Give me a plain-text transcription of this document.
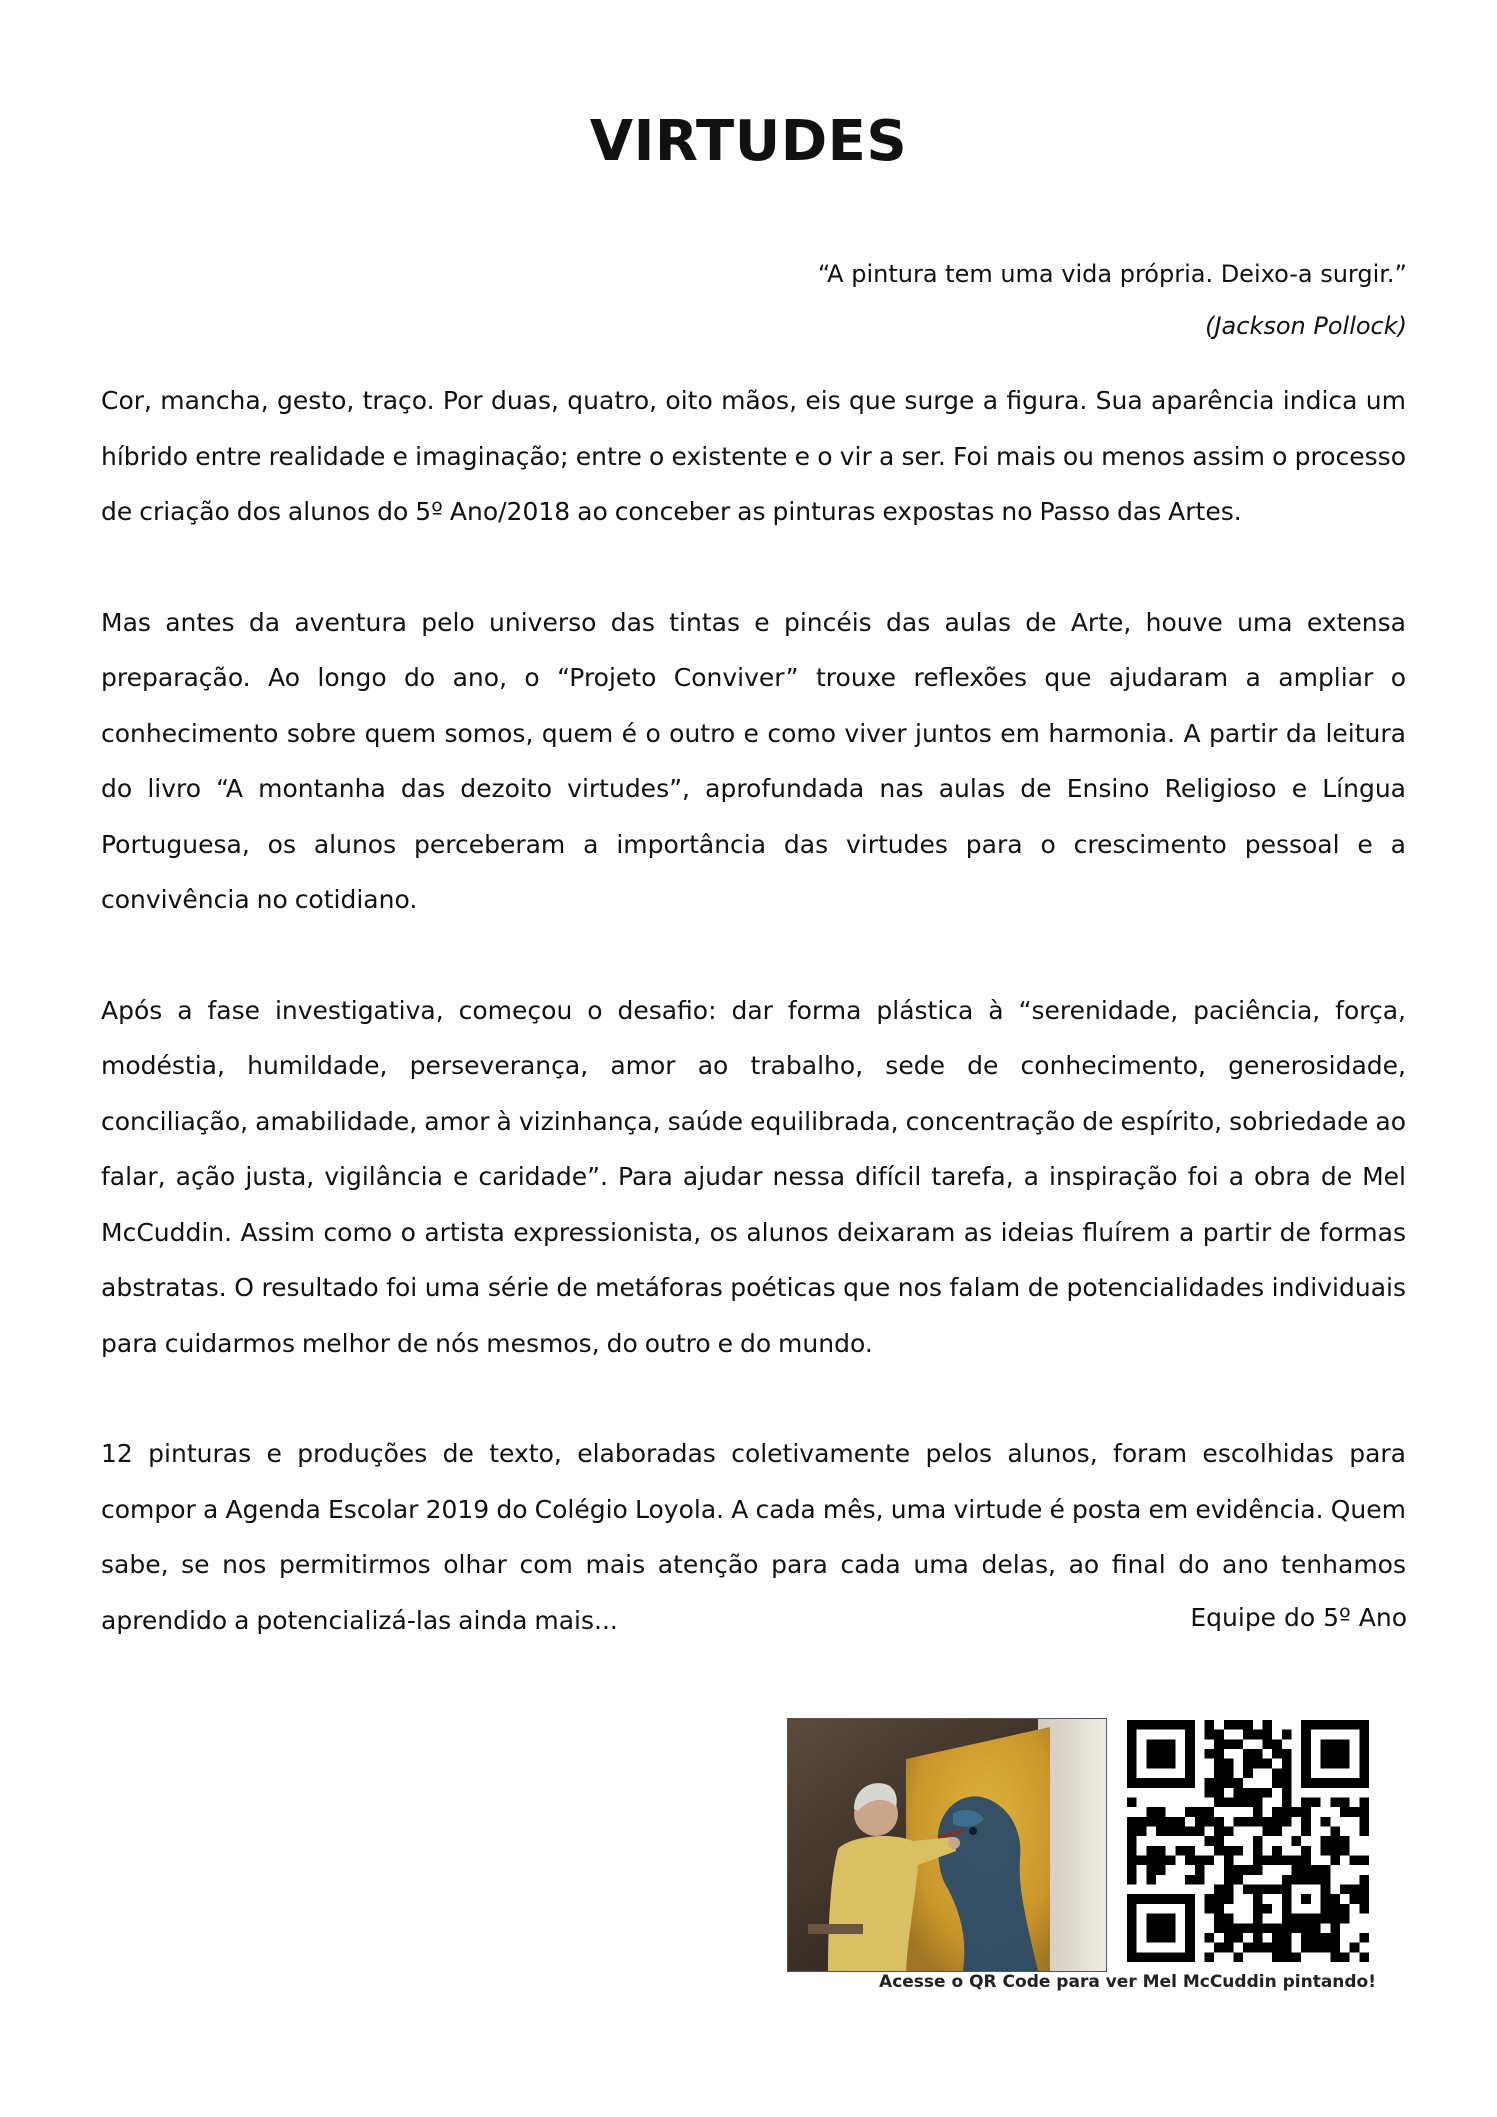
VIRTUDES
“A pintura tem uma vida própria. Deixo-a surgir.”
(Jackson Pollock)

Cor, mancha, gesto, traço. Por duas, quatro, oito mãos, eis que surge a figura. Sua aparência indica um híbrido entre realidade e imaginação; entre o existente e o vir a ser. Foi mais ou menos assim o processo de criação dos alunos do 5º Ano/2018 ao conceber as pinturas expostas no Passo das Artes.

Mas antes da aventura pelo universo das tintas e pincéis das aulas de Arte, houve uma extensa preparação. Ao longo do ano, o “Projeto Conviver” trouxe reflexões que ajudaram a ampliar o conhecimento sobre quem somos, quem é o outro e como viver juntos em harmonia. A partir da leitura do livro “A montanha das dezoito virtudes”, aprofundada nas aulas de Ensino Religioso e Língua Portuguesa, os alunos perceberam a importância das virtudes para o crescimento pessoal e a convivência no cotidiano.

Após a fase investigativa, começou o desafio: dar forma plástica à “serenidade, paciência, força, modéstia, humildade, perseverança, amor ao trabalho, sede de conhecimento, generosidade, conciliação, amabilidade, amor à vizinhança, saúde equilibrada, concentração de espírito, sobriedade ao falar, ação justa, vigilância e caridade”. Para ajudar nessa difícil tarefa, a inspiração foi a obra de Mel McCuddin. Assim como o artista expressionista, os alunos deixaram as ideias fluírem a partir de formas abstratas. O resultado foi uma série de metáforas poéticas que nos falam de potencialidades individuais para cuidarmos melhor de nós mesmos, do outro e do mundo.

12 pinturas e produções de texto, elaboradas coletivamente pelos alunos, foram escolhidas para compor a Agenda Escolar 2019 do Colégio Loyola. A cada mês, uma virtude é posta em evidência. Quem sabe, se nos permitirmos olhar com mais atenção para cada uma delas, ao final do ano tenhamos aprendido a potencializá-las ainda mais...	Equipe do 5º Ano
Acesse o QR Code para ver Mel McCuddin pintando!
